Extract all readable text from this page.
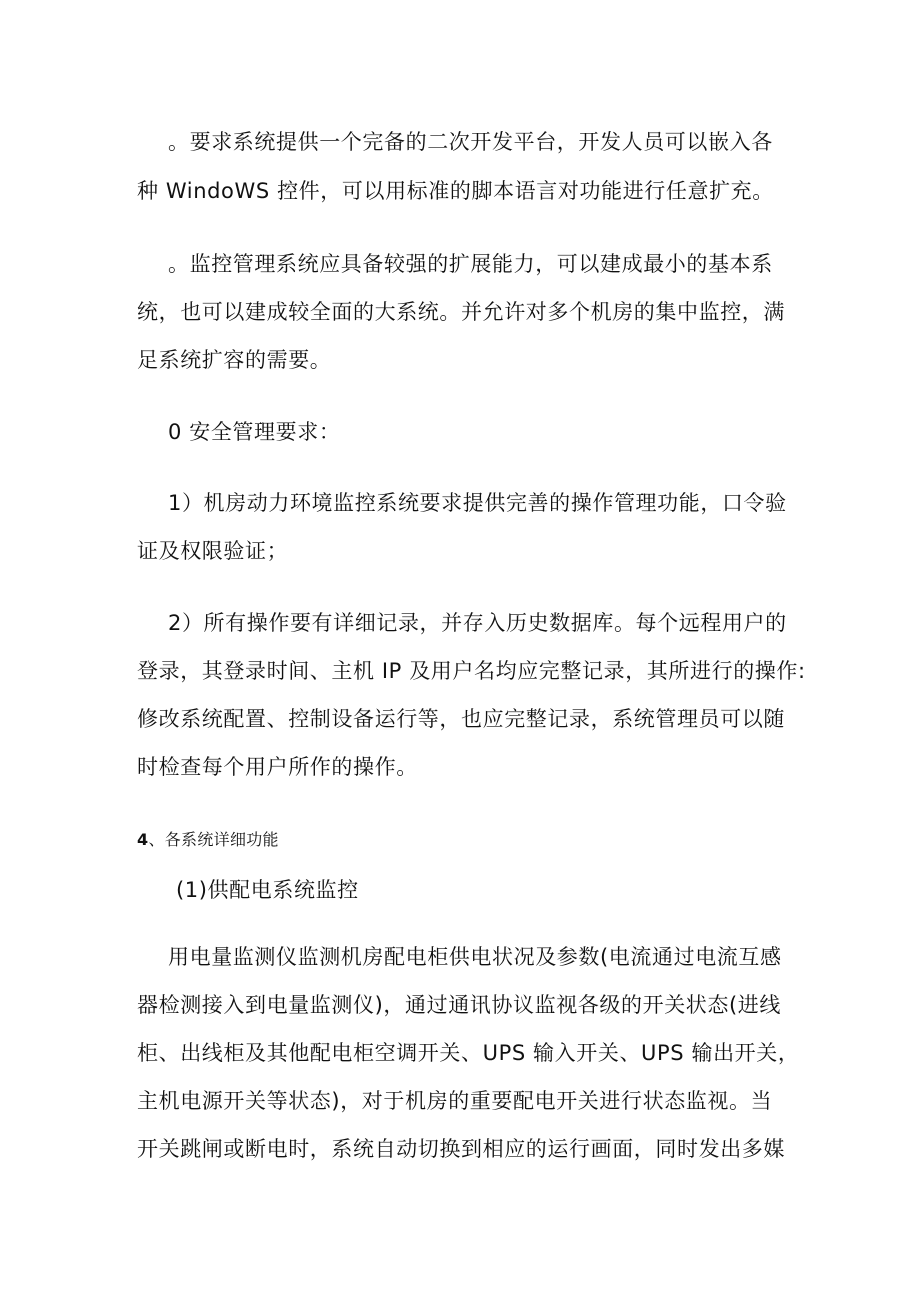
。要求系统提供一个完备的二次开发平台，开发人员可以嵌入各
种 WindoWS 控件，可以用标准的脚本语言对功能进行任意扩充。
。监控管理系统应具备较强的扩展能力，可以建成最小的基本系
统，也可以建成较全面的大系统。并允许对多个机房的集中监控，满
足系统扩容的需要。
0 安全管理要求：
1）机房动力环境监控系统要求提供完善的操作管理功能，口令验
证及权限验证；
2）所有操作要有详细记录，并存入历史数据库。每个远程用户的
登录，其登录时间、主机 IP 及用户名均应完整记录，其所进行的操作:
修改系统配置、控制设备运行等，也应完整记录，系统管理员可以随
时检查每个用户所作的操作。
4、各系统详细功能
(1)供配电系统监控
用电量监测仪监测机房配电柜供电状况及参数(电流通过电流互感
器检测接入到电量监测仪)，通过通讯协议监视各级的开关状态(进线
柜、出线柜及其他配电柜空调开关、UPS 输入开关、UPS 输出开关，
主机电源开关等状态)，对于机房的重要配电开关进行状态监视。当
开关跳闸或断电时，系统自动切换到相应的运行画面，同时发出多媒
